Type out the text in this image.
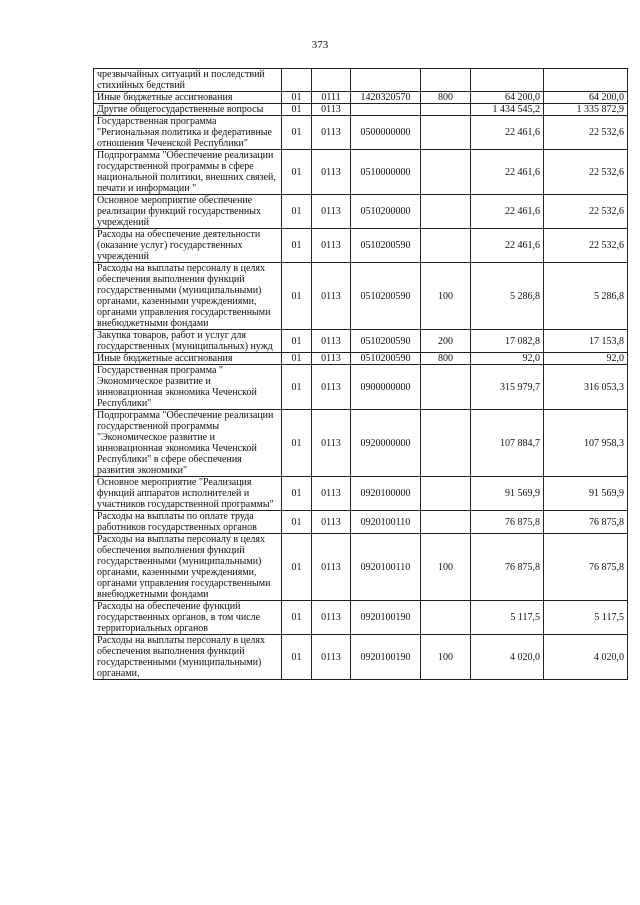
373
чрезвычайных ситуаций и последствий стихийных бедствий						
Иные бюджетные ассигнования	01	0111	1420320570	800	64 200,0	64 200,0
Другие общегосударственные вопросы	01	0113			1 434 545,2	1 335 872,9
Государственная программа "Региональная политика и федеративные отношения Чеченской Республики"	01	0113	0500000000		22 461,6	22 532,6
Подпрограмма "Обеспечение реализации государственной программы в сфере национальной политики, внешних связей, печати и информации "	01	0113	0510000000		22 461,6	22 532,6
Основное мероприятие обеспечение реализации функций государственных учреждений	01	0113	0510200000		22 461,6	22 532,6
Расходы на обеспечение деятельности (оказание услуг) государственных учреждений	01	0113	0510200590		22 461,6	22 532,6
Расходы на выплаты персоналу в целях обеспечения выполнения функций государственными (муниципальными) органами, казенными учреждениями, органами управления государственными внебюджетными фондами	01	0113	0510200590	100	5 286,8	5 286,8
Закупка товаров, работ и услуг для государственных (муниципальных) нужд	01	0113	0510200590	200	17 082,8	17 153,8
Иные бюджетные ассигнования	01	0113	0510200590	800	92,0	92,0
Государственная программа " Экономическое развитие и инновационная экономика Чеченской Республики"	01	0113	0900000000		315 979,7	316 053,3
Подпрограмма "Обеспечение реализации государственной программы "Экономическое развитие и инновационная экономика Чеченской Республики" в сфере обеспечения развития экономики"	01	0113	0920000000		107 884,7	107 958,3
Основное мероприятие "Реализация функций аппаратов исполнителей и участников государственной программы"	01	0113	0920100000		91 569,9	91 569,9
Расходы на выплаты по оплате труда работников государственных органов	01	0113	0920100110		76 875,8	76 875,8
Расходы на выплаты персоналу в целях обеспечения выполнения функций государственными (муниципальными) органами, казенными учреждениями, органами управления государственными внебюджетными фондами	01	0113	0920100110	100	76 875,8	76 875,8
Расходы на обеспечение функций государственных органов, в том числе территориальных органов	01	0113	0920100190		5 117,5	5 117,5
Расходы на выплаты персоналу в целях обеспечения выполнения функций государственными (муниципальными) органами,	01	0113	0920100190	100	4 020,0	4 020,0
